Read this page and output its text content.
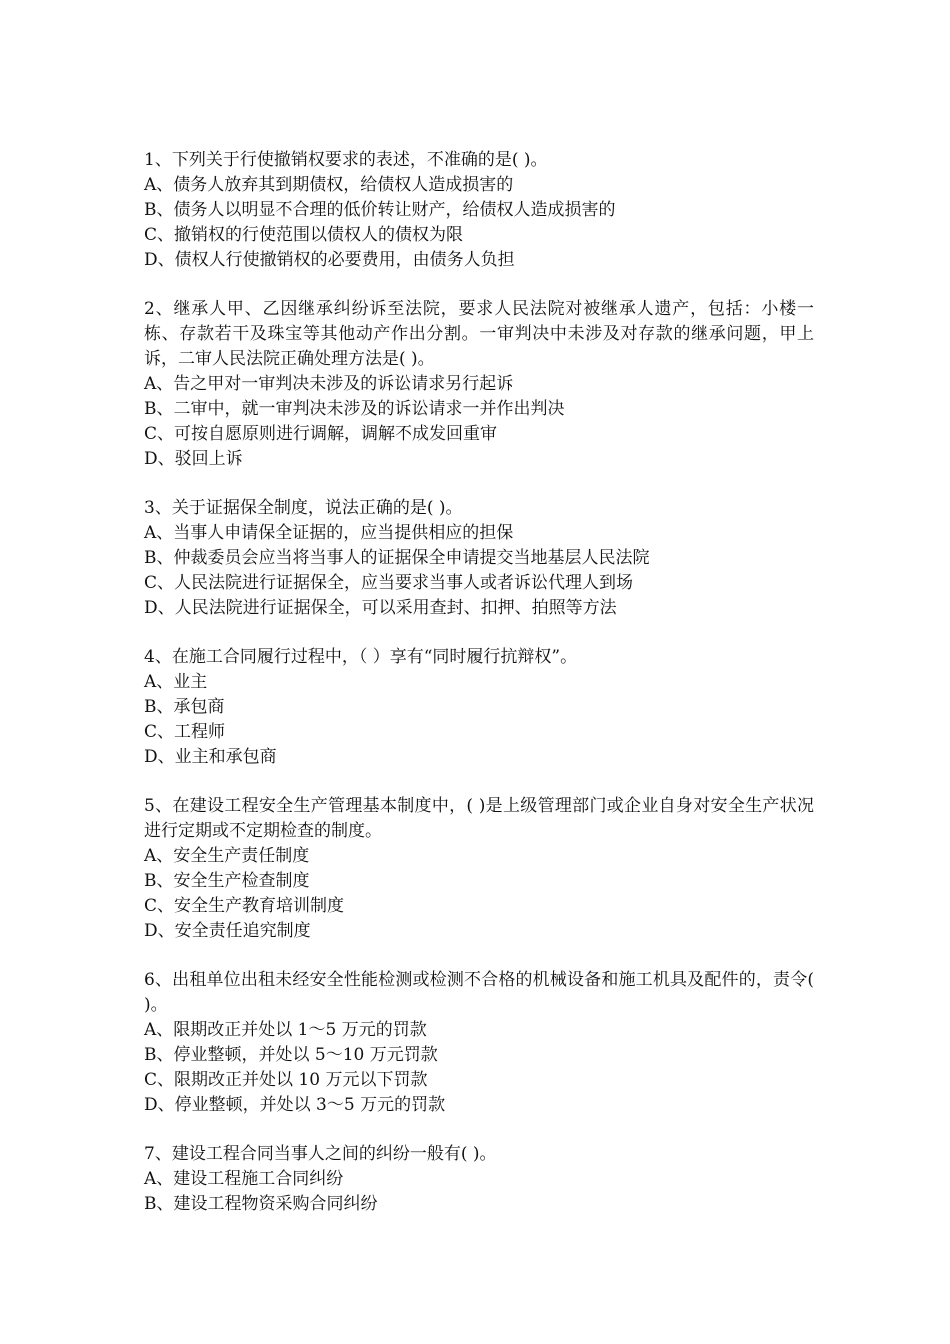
1、下列关于行使撤销权要求的表述，不准确的是( )。

A、债务人放弃其到期债权，给债权人造成损害的

B、债务人以明显不合理的低价转让财产，给债权人造成损害的

C、撤销权的行使范围以债权人的债权为限

D、债权人行使撤销权的必要费用，由债务人负担

2、继承人甲、乙因继承纠纷诉至法院，要求人民法院对被继承人遗产，包括：小楼一栋、存款若干及珠宝等其他动产作出分割。一审判决中未涉及对存款的继承问题，甲上诉，二审人民法院正确处理方法是( )。

A、告之甲对一审判决未涉及的诉讼请求另行起诉

B、二审中，就一审判决未涉及的诉讼请求一并作出判决

C、可按自愿原则进行调解，调解不成发回重审

D、驳回上诉

3、关于证据保全制度，说法正确的是( )。

A、当事人申请保全证据的，应当提供相应的担保

B、仲裁委员会应当将当事人的证据保全申请提交当地基层人民法院

C、人民法院进行证据保全，应当要求当事人或者诉讼代理人到场

D、人民法院进行证据保全，可以采用查封、扣押、拍照等方法

4、在施工合同履行过程中，（ ）享有“同时履行抗辩权”。

A、业主

B、承包商

C、工程师

D、业主和承包商

5、在建设工程安全生产管理基本制度中，( )是上级管理部门或企业自身对安全生产状况进行定期或不定期检查的制度。

A、安全生产责任制度

B、安全生产检查制度

C、安全生产教育培训制度

D、安全责任追究制度

6、出租单位出租未经安全性能检测或检测不合格的机械设备和施工机具及配件的，责令( )。

A、限期改正并处以 1～5 万元的罚款

B、停业整顿，并处以 5～10 万元罚款

C、限期改正并处以 10 万元以下罚款

D、停业整顿，并处以 3～5 万元的罚款

7、建设工程合同当事人之间的纠纷一般有( )。

A、建设工程施工合同纠纷

B、建设工程物资采购合同纠纷
